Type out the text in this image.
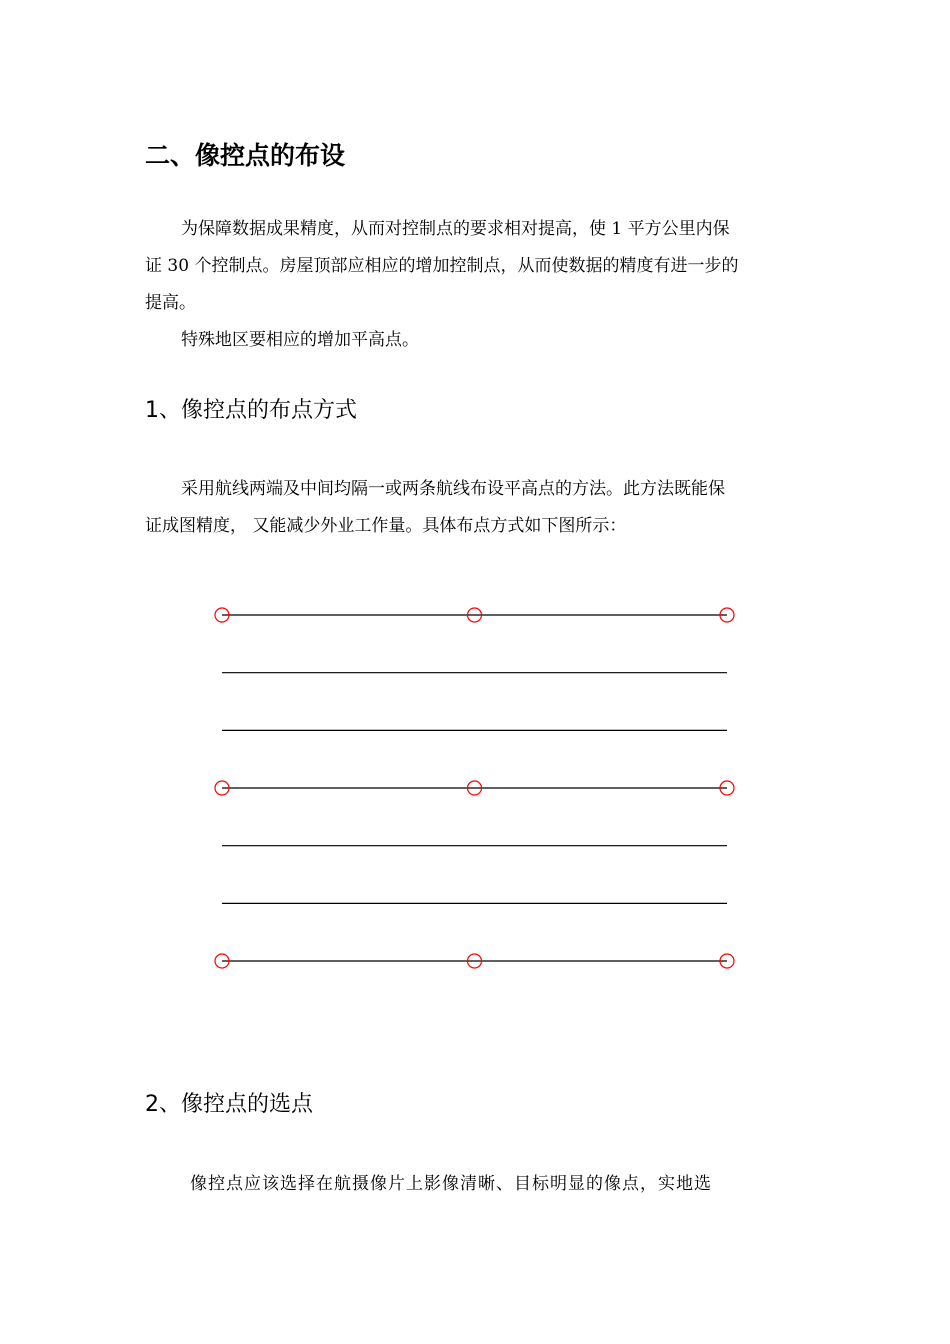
二、像控点的布设
为保障数据成果精度，从而对控制点的要求相对提高，使 1 平方公里内保
证 30 个控制点。房屋顶部应相应的增加控制点，从而使数据的精度有进一步的
提高。
特殊地区要相应的增加平高点。
1、像控点的布点方式
采用航线两端及中间均隔一或两条航线布设平高点的方法。此方法既能保
证成图精度， 又能减少外业工作量。具体布点方式如下图所示：
2、像控点的选点
像控点应该选择在航摄像片上影像清晰、目标明显的像点，实地选
